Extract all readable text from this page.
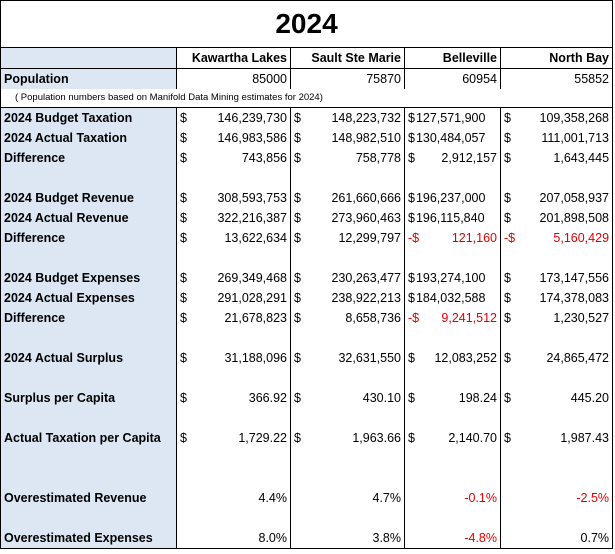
2024				
	Kawartha Lakes	Sault Ste Marie	Belleville	North Bay
Population	85000	75870	60954	55852
( Population numbers based on Manifold Data Mining estimates for 2024)				
2024 Budget Taxation	$ 146,239,730	$ 148,223,732	$ 127,571,900	$ 109,358,268

2024 Actual Taxation	$ 146,983,586	$ 148,982,510	$ 130,484,057	$ 111,001,713

Difference	$ 743,856	$ 758,778	$ 2,912,157	$ 1,643,445

2024 Budget Revenue	$ 308,593,753	$ 261,660,666	$ 196,237,000	$ 207,058,937

2024 Actual Revenue	$ 322,216,387	$ 273,960,463	$ 196,115,840	$ 201,898,508

Difference	$ 13,622,634	$ 12,299,797	-$ 121,160	-$ 5,160,429

2024 Budget Expenses	$ 269,349,468	$ 230,263,477	$ 193,274,100	$ 173,147,556

2024 Actual Expenses	$ 291,028,291	$ 238,922,213	$ 184,032,588	$ 174,378,083

Difference	$ 21,678,823	$ 8,658,736	-$ 9,241,512	$ 1,230,527

2024 Actual Surplus	$ 31,188,096	$ 32,631,550	$ 12,083,252	$ 24,865,472

Surplus per Capita	$ 366.92	$ 430.10	$ 198.24	$ 445.20

Actual Taxation per Capita	$ 1,729.22	$ 1,963.66	$ 2,140.70	$ 1,987.43

Overestimated Revenue	4.4%	4.7%	-0.1%	-2.5%

Overestimated Expenses	8.0%	3.8%	-4.8%	0.7%
